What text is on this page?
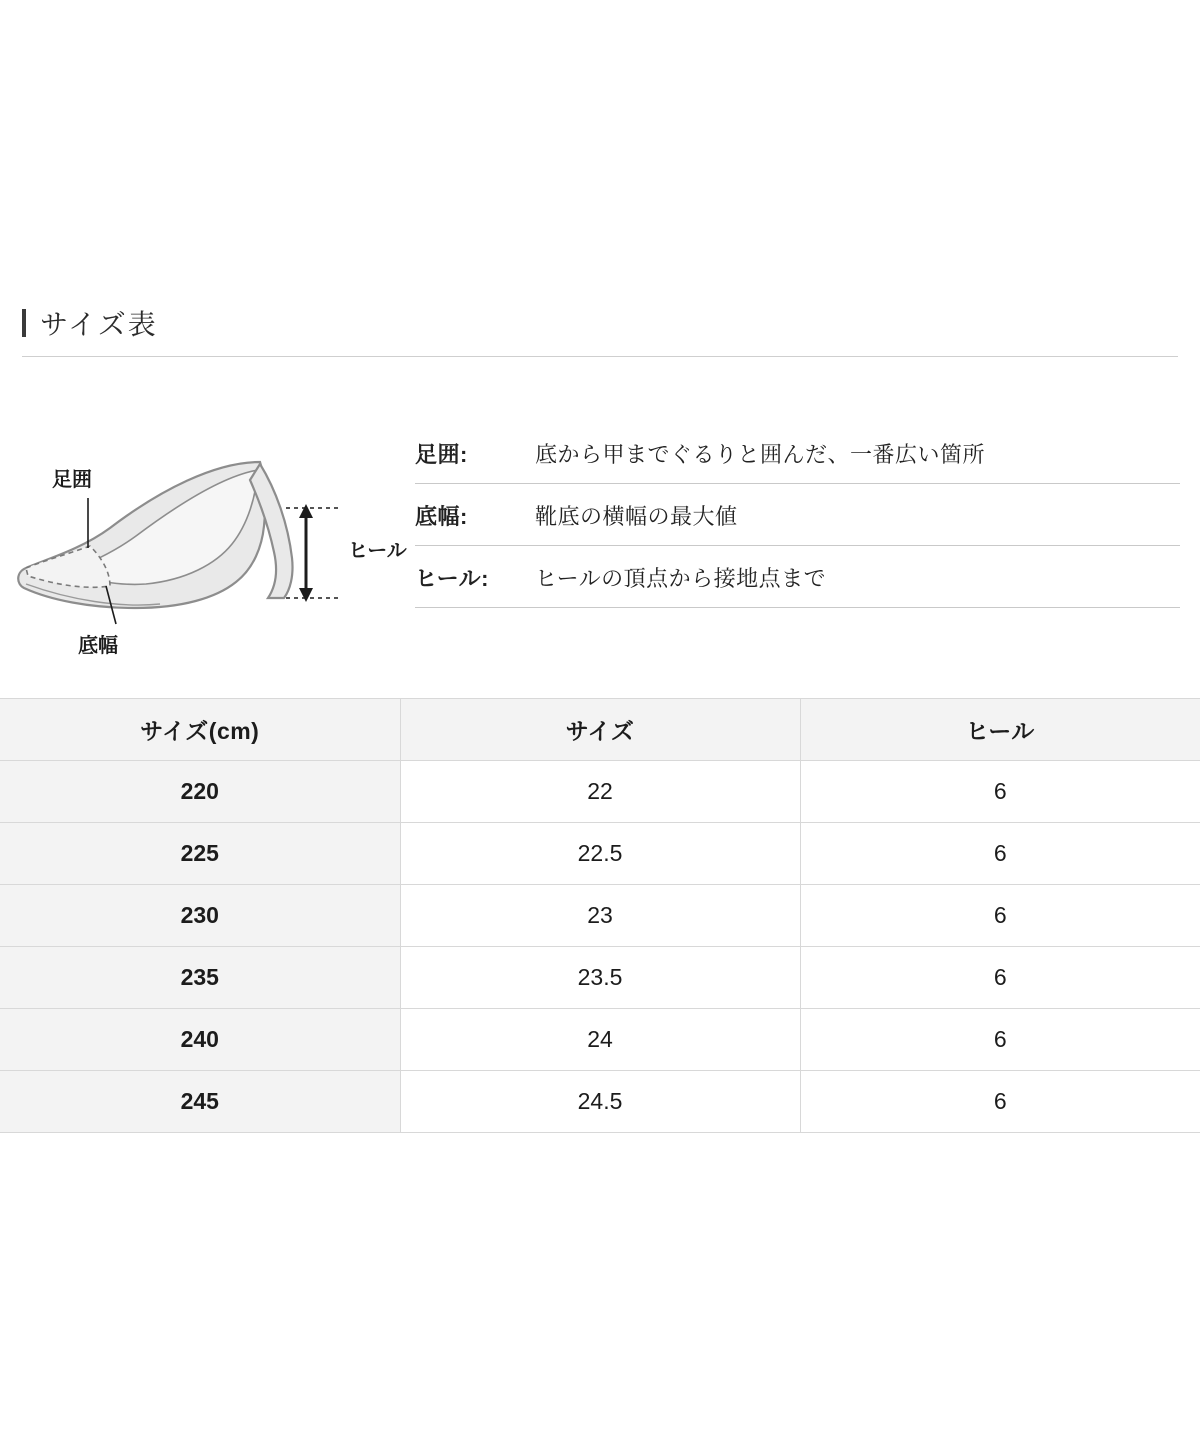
サイズ表
ヒール
足囲
底幅
足囲:	底から甲までぐるりと囲んだ、一番広い箇所
底幅:	靴底の横幅の最大値
ヒール:	ヒールの頂点から接地点まで
サイズ(cm)	サイズ	ヒール
220	22	6
225	22.5	6
230	23	6
235	23.5	6
240	24	6
245	24.5	6
